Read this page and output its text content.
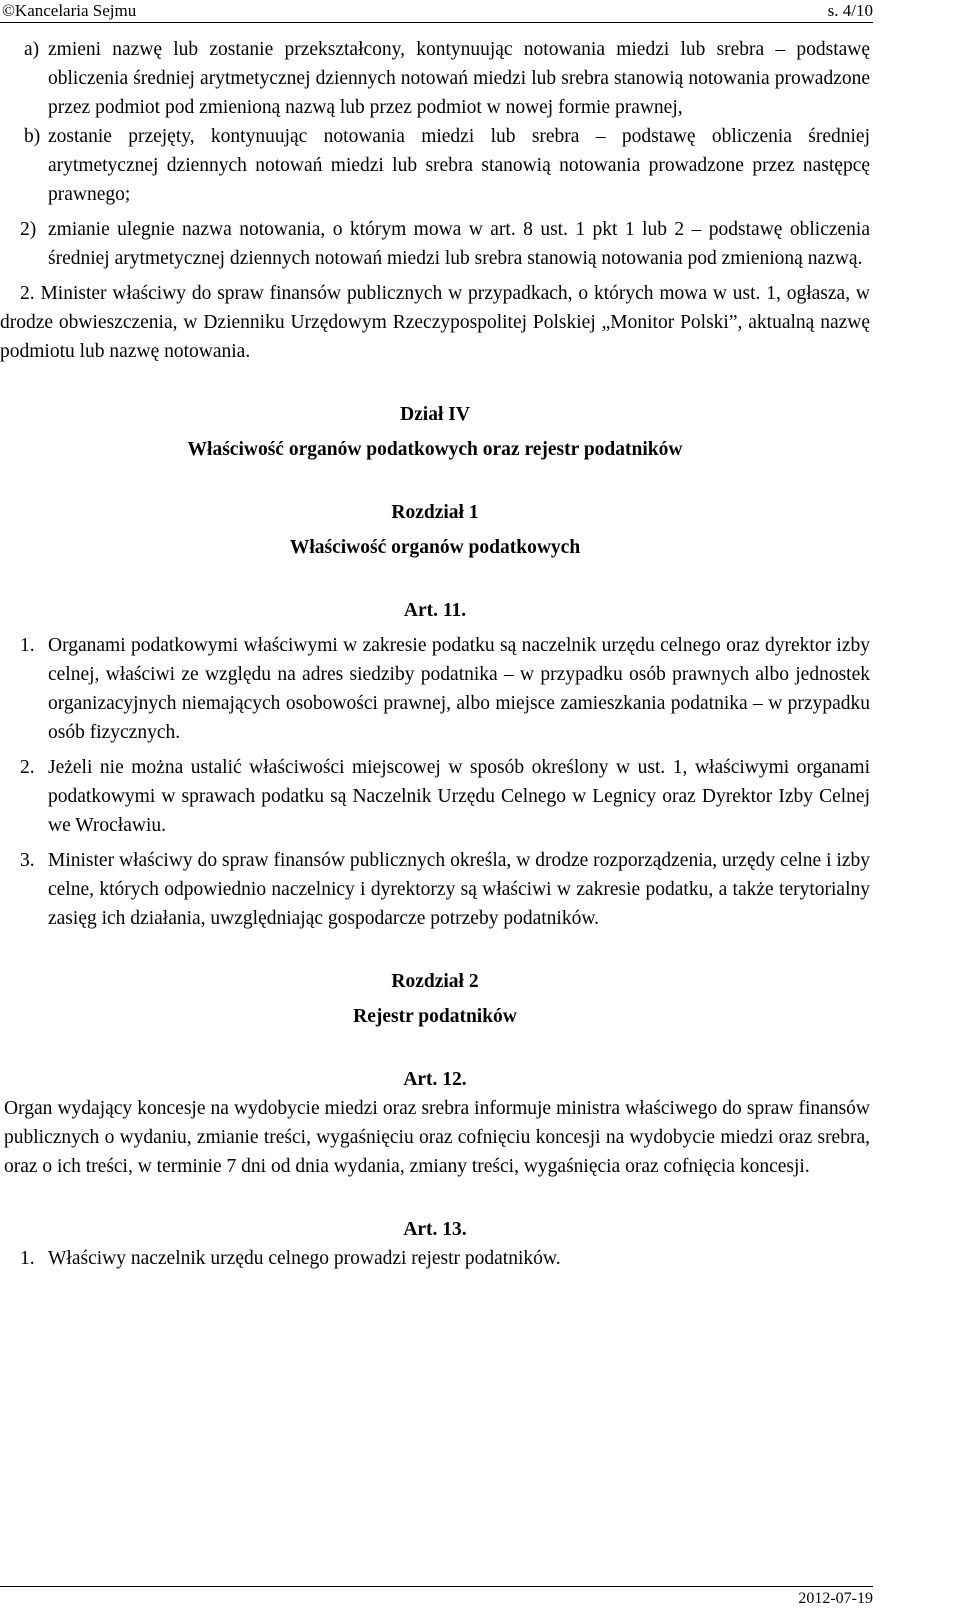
©Kancelaria Sejmu	s. 4/10

a) zmieni nazwę lub zostanie przekształcony, kontynuując notowania miedzi lub srebra – podstawę obliczenia średniej arytmetycznej dziennych notowań miedzi lub srebra stanowią notowania prowadzone przez podmiot pod zmienioną nazwą lub przez podmiot w nowej formie prawnej,

b) zostanie przejęty, kontynuując notowania miedzi lub srebra – podstawę obliczenia średniej arytmetycznej dziennych notowań miedzi lub srebra stanowią notowania prowadzone przez następcę prawnego;

2) zmianie ulegnie nazwa notowania, o którym mowa w art. 8 ust. 1 pkt 1 lub 2 – podstawę obliczenia średniej arytmetycznej dziennych notowań miedzi lub srebra stanowią notowania pod zmienioną nazwą.

2. Minister właściwy do spraw finansów publicznych w przypadkach, o których mowa w ust. 1, ogłasza, w drodze obwieszczenia, w Dzienniku Urzędowym Rzeczypospolitej Polskiej „Monitor Polski”, aktualną nazwę podmiotu lub nazwę notowania.

Dział IV
Właściwość organów podatkowych oraz rejestr podatników
Rozdział 1
Właściwość organów podatkowych
Art. 11.

1. Organami podatkowymi właściwymi w zakresie podatku są naczelnik urzędu celnego oraz dyrektor izby celnej, właściwi ze względu na adres siedziby podatnika – w przypadku osób prawnych albo jednostek organizacyjnych niemających osobowości prawnej, albo miejsce zamieszkania podatnika – w przypadku osób fizycznych.

2. Jeżeli nie można ustalić właściwości miejscowej w sposób określony w ust. 1, właściwymi organami podatkowymi w sprawach podatku są Naczelnik Urzędu Celnego w Legnicy oraz Dyrektor Izby Celnej we Wrocławiu.

3. Minister właściwy do spraw finansów publicznych określa, w drodze rozporządzenia, urzędy celne i izby celne, których odpowiednio naczelnicy i dyrektorzy są właściwi w zakresie podatku, a także terytorialny zasięg ich działania, uwzględniając gospodarcze potrzeby podatników.

Rozdział 2
Rejestr podatników
Art. 12.

Organ wydający koncesje na wydobycie miedzi oraz srebra informuje ministra właściwego do spraw finansów publicznych o wydaniu, zmianie treści, wygaśnięciu oraz cofnięciu koncesji na wydobycie miedzi oraz srebra, oraz o ich treści, w terminie 7 dni od dnia wydania, zmiany treści, wygaśnięcia oraz cofnięcia koncesji.

Art. 13.

1. Właściwy naczelnik urzędu celnego prowadzi rejestr podatników.

2012-07-19
